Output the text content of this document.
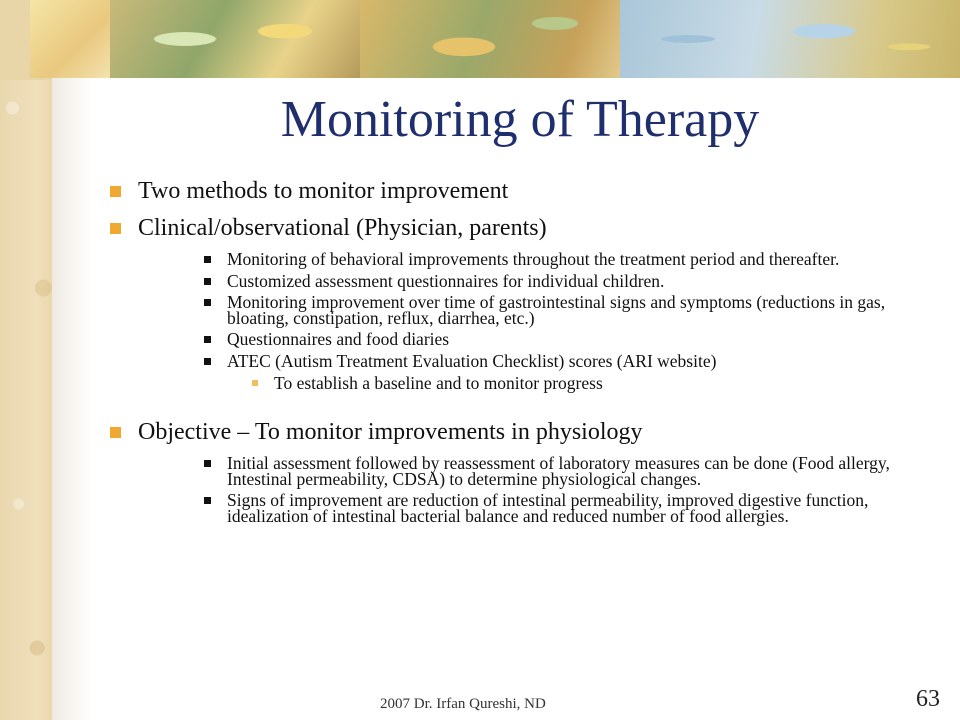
Monitoring of Therapy
Two methods to monitor improvement
Clinical/observational (Physician, parents)
Monitoring of behavioral improvements throughout the treatment period and thereafter.
Customized assessment questionnaires for individual children.
Monitoring improvement over time of gastrointestinal signs and symptoms (reductions in gas, bloating, constipation, reflux, diarrhea, etc.)
Questionnaires and food diaries
ATEC (Autism Treatment Evaluation Checklist) scores (ARI website)
To establish a baseline and to monitor progress
Objective – To monitor improvements in physiology
Initial assessment followed by reassessment of laboratory measures can be done (Food allergy, Intestinal permeability, CDSA) to determine physiological changes.
Signs of improvement are reduction of intestinal permeability, improved digestive function, idealization of intestinal bacterial balance and reduced number of food allergies.
2007 Dr. Irfan Qureshi, ND	63
